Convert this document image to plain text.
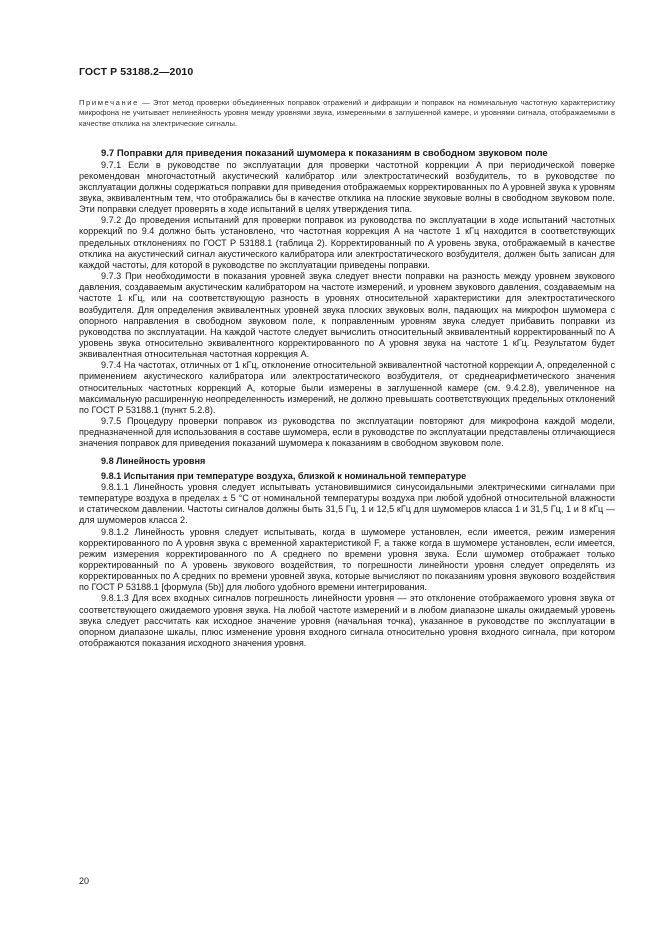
ГОСТ Р 53188.2—2010
Примечание — Этот метод проверки объединенных поправок отражений и дифракции и поправок на номинальную частотную характеристику микрофона не учитывает нелинейность уровня между уровнями звука, измеренными в заглушенной камере, и уровнями сигнала, отображаемыми в качестве отклика на электрические сигналы.

9.7 Поправки для приведения показаний шумомера к показаниям в свободном звуковом поле

9.7.1 Если в руководстве по эксплуатации для проверки частотной коррекции A при периодической поверке рекомендован многочастотный акустический калибратор или электростатический возбудитель, то в руководстве по эксплуатации должны содержаться поправки для приведения отображаемых корректированных по A уровней звука к уровням звука, эквивалентным тем, что отображались бы в качестве отклика на плоские звуковые волны в свободном звуковом поле. Эти поправки следует проверять в ходе испытаний в целях утверждения типа.

9.7.2 До проведения испытаний для проверки поправок из руководства по эксплуатации в ходе испытаний частотных коррекций по 9.4 должно быть установлено, что частотная коррекция A на частоте 1 кГц находится в соответствующих предельных отклонениях по ГОСТ Р 53188.1 (таблица 2). Корректированный по A уровень звука, отображаемый в качестве отклика на акустический сигнал акустического калибратора или электростатического возбудителя, должен быть записан для каждой частоты, для которой в руководстве по эксплуатации приведены поправки.

9.7.3 При необходимости в показания уровней звука следует внести поправки на разность между уровнем звукового давления, создаваемым акустическим калибратором на частоте измерений, и уровнем звукового давления, создаваемым на частоте 1 кГц, или на соответствующую разность в уровнях относительной характеристики для электростатического возбудителя. Для определения эквивалентных уровней звука плоских звуковых волн, падающих на микрофон шумомера с опорного направления в свободном звуковом поле, к поправленным уровням звука следует прибавить поправки из руководства по эксплуатации. На каждой частоте следует вычислить относительный эквивалентный корректированный по A уровень звука относительно эквивалентного корректированного по A уровня звука на частоте 1 кГц. Результатом будет эквивалентная относительная частотная коррекция A.

9.7.4 На частотах, отличных от 1 кГц, отклонение относительной эквивалентной частотной коррекции A, определенной с применением акустического калибратора или электростатического возбудителя, от среднеарифметического значения относительных частотных коррекций A, которые были измерены в заглушенной камере (см. 9.4.2.8), увеличенное на максимальную расширенную неопределенность измерений, не должно превышать соответствующих предельных отклонений по ГОСТ Р 53188.1 (пункт 5.2.8).

9.7.5 Процедуру проверки поправок из руководства по эксплуатации повторяют для микрофона каждой модели, предназначенной для использования в составе шумомера, если в руководстве по эксплуатации представлены отличающиеся значения поправок для приведения показаний шумомера к показаниям в свободном звуковом поле.

9.8 Линейность уровня

9.8.1 Испытания при температуре воздуха, близкой к номинальной температуре

9.8.1.1 Линейность уровня следует испытывать установившимися синусоидальными электрическими сигналами при температуре воздуха в пределах ± 5 °С от номинальной температуры воздуха при любой удобной относительной влажности и статическом давлении. Частоты сигналов должны быть 31,5 Гц, 1 и 12,5 кГц для шумомеров класса 1 и 31,5 Гц, 1 и 8 кГц — для шумомеров класса 2.

9.8.1.2 Линейность уровня следует испытывать, когда в шумомере установлен, если имеется, режим измерения корректированного по A уровня звука с временной характеристикой F, а также когда в шумомере установлен, если имеется, режим измерения корректированного по A среднего по времени уровня звука. Если шумомер отображает только корректированный по A уровень звукового воздействия, то погрешности линейности уровня следует определять из корректированных по A средних по времени уровней звука, которые вычисляют по показаниям уровня звукового воздействия по ГОСТ Р 53188.1 [формула (5b)] для любого удобного времени интегрирования.

9.8.1.3 Для всех входных сигналов погрешность линейности уровня — это отклонение отображаемого уровня звука от соответствующего ожидаемого уровня звука. На любой частоте измерений и в любом диапазоне шкалы ожидаемый уровень звука следует рассчитать как исходное значение уровня (начальная точка), указанное в руководстве по эксплуатации в опорном диапазоне шкалы, плюс изменение уровня входного сигнала относительно уровня входного сигнала, при котором отображаются показания исходного значения уровня.

20
